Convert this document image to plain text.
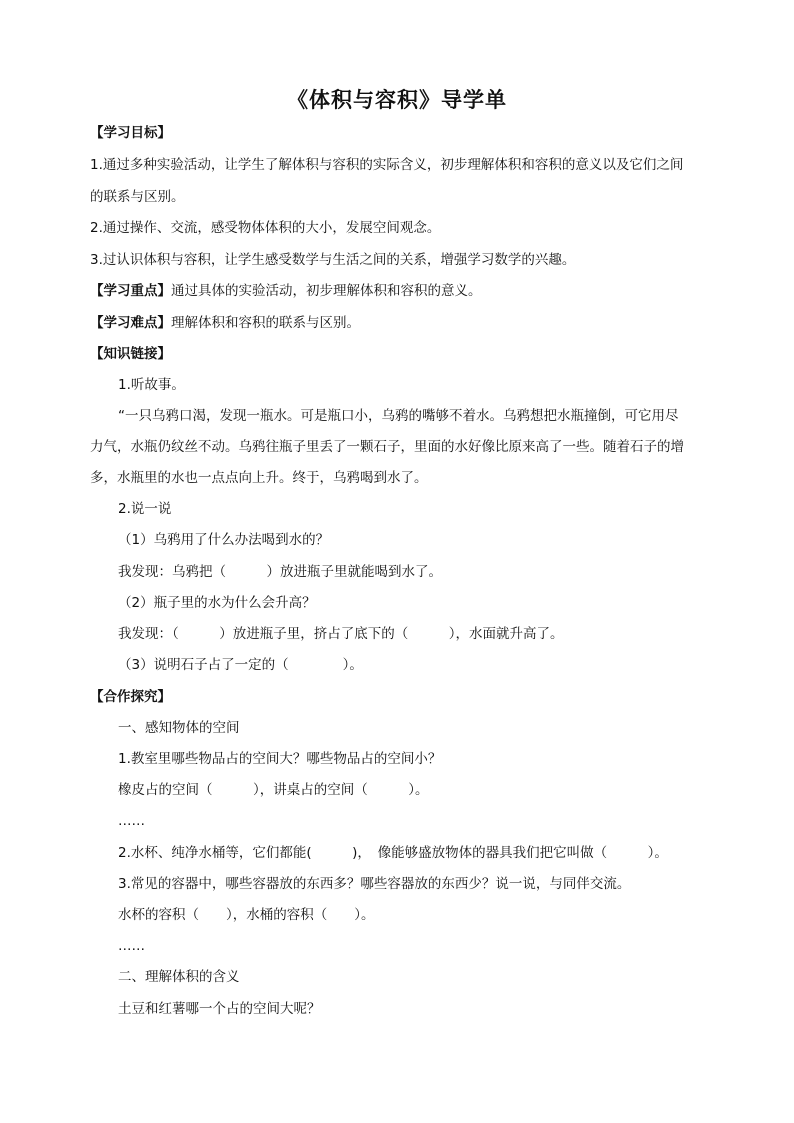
《体积与容积》导学单
【学习目标】
1.通过多种实验活动，让学生了解体积与容积的实际含义，初步理解体积和容积的意义以及它们之间
的联系与区别。
2.通过操作、交流，感受物体体积的大小，发展空间观念。
3.过认识体积与容积，让学生感受数学与生活之间的关系，增强学习数学的兴趣。
【学习重点】通过具体的实验活动，初步理解体积和容积的意义。
【学习难点】理解体积和容积的联系与区别。
【知识链接】
1.听故事。
“一只乌鸦口渴，发现一瓶水。可是瓶口小，乌鸦的嘴够不着水。乌鸦想把水瓶撞倒，可它用尽
力气，水瓶仍纹丝不动。乌鸦往瓶子里丢了一颗石子，里面的水好像比原来高了一些。随着石子的增
多，水瓶里的水也一点点向上升。终于，乌鸦喝到水了。
2.说一说
（1）乌鸦用了什么办法喝到水的？
我发现：乌鸦把（　　　）放进瓶子里就能喝到水了。
（2）瓶子里的水为什么会升高？
我发现：（　　　）放进瓶子里，挤占了底下的（　　　），水面就升高了。
（3）说明石子占了一定的（　　　　）。
【合作探究】
一、感知物体的空间
1.教室里哪些物品占的空间大？哪些物品占的空间小？
橡皮占的空间（　　　），讲桌占的空间（　　　）。
……
2.水杯、纯净水桶等，它们都能(　　　)，　像能够盛放物体的器具我们把它叫做（　　　）。
3.常见的容器中，哪些容器放的东西多？哪些容器放的东西少？说一说，与同伴交流。
水杯的容积（　　），水桶的容积（　　）。
……
二、理解体积的含义
土豆和红薯哪一个占的空间大呢？
